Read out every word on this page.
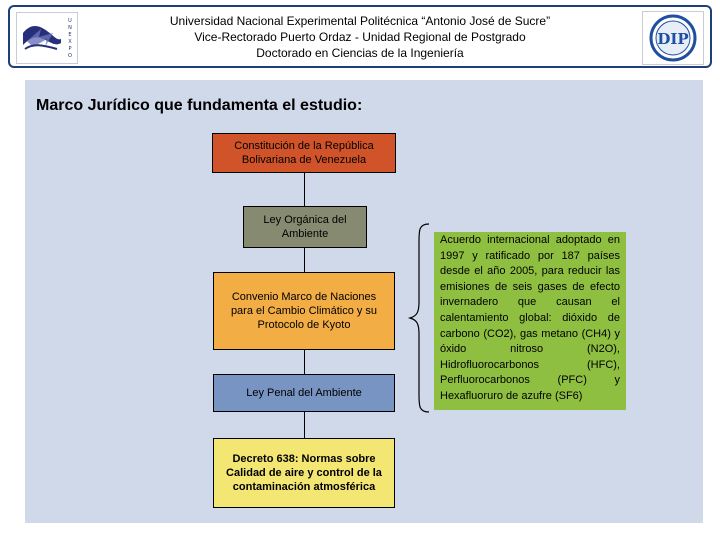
U
N
E
X
P
O
Universidad Nacional Experimental Politécnica “Antonio José de Sucre”
Vice-Rectorado Puerto Ordaz - Unidad Regional de Postgrado
Doctorado en Ciencias de la Ingeniería
DIP
Marco Jurídico que fundamenta el estudio:
Constitución de la República Bolivariana de Venezuela
Ley Orgánica del Ambiente
Convenio Marco de Naciones para el Cambio Climático y su Protocolo de Kyoto
Ley Penal del Ambiente
Decreto 638: Normas sobre Calidad de aire y control de la contaminación atmosférica
Acuerdo internacional adoptado en 1997 y ratificado por 187 países desde el año 2005, para reducir las emisiones de seis gases de efecto invernadero que causan el calentamiento global: dióxido de carbono (CO2), gas metano (CH4) y óxido nitroso (N2O), Hidrofluorocarbonos (HFC), Perfluorocarbonos (PFC) y Hexafluoruro de azufre (SF6)
